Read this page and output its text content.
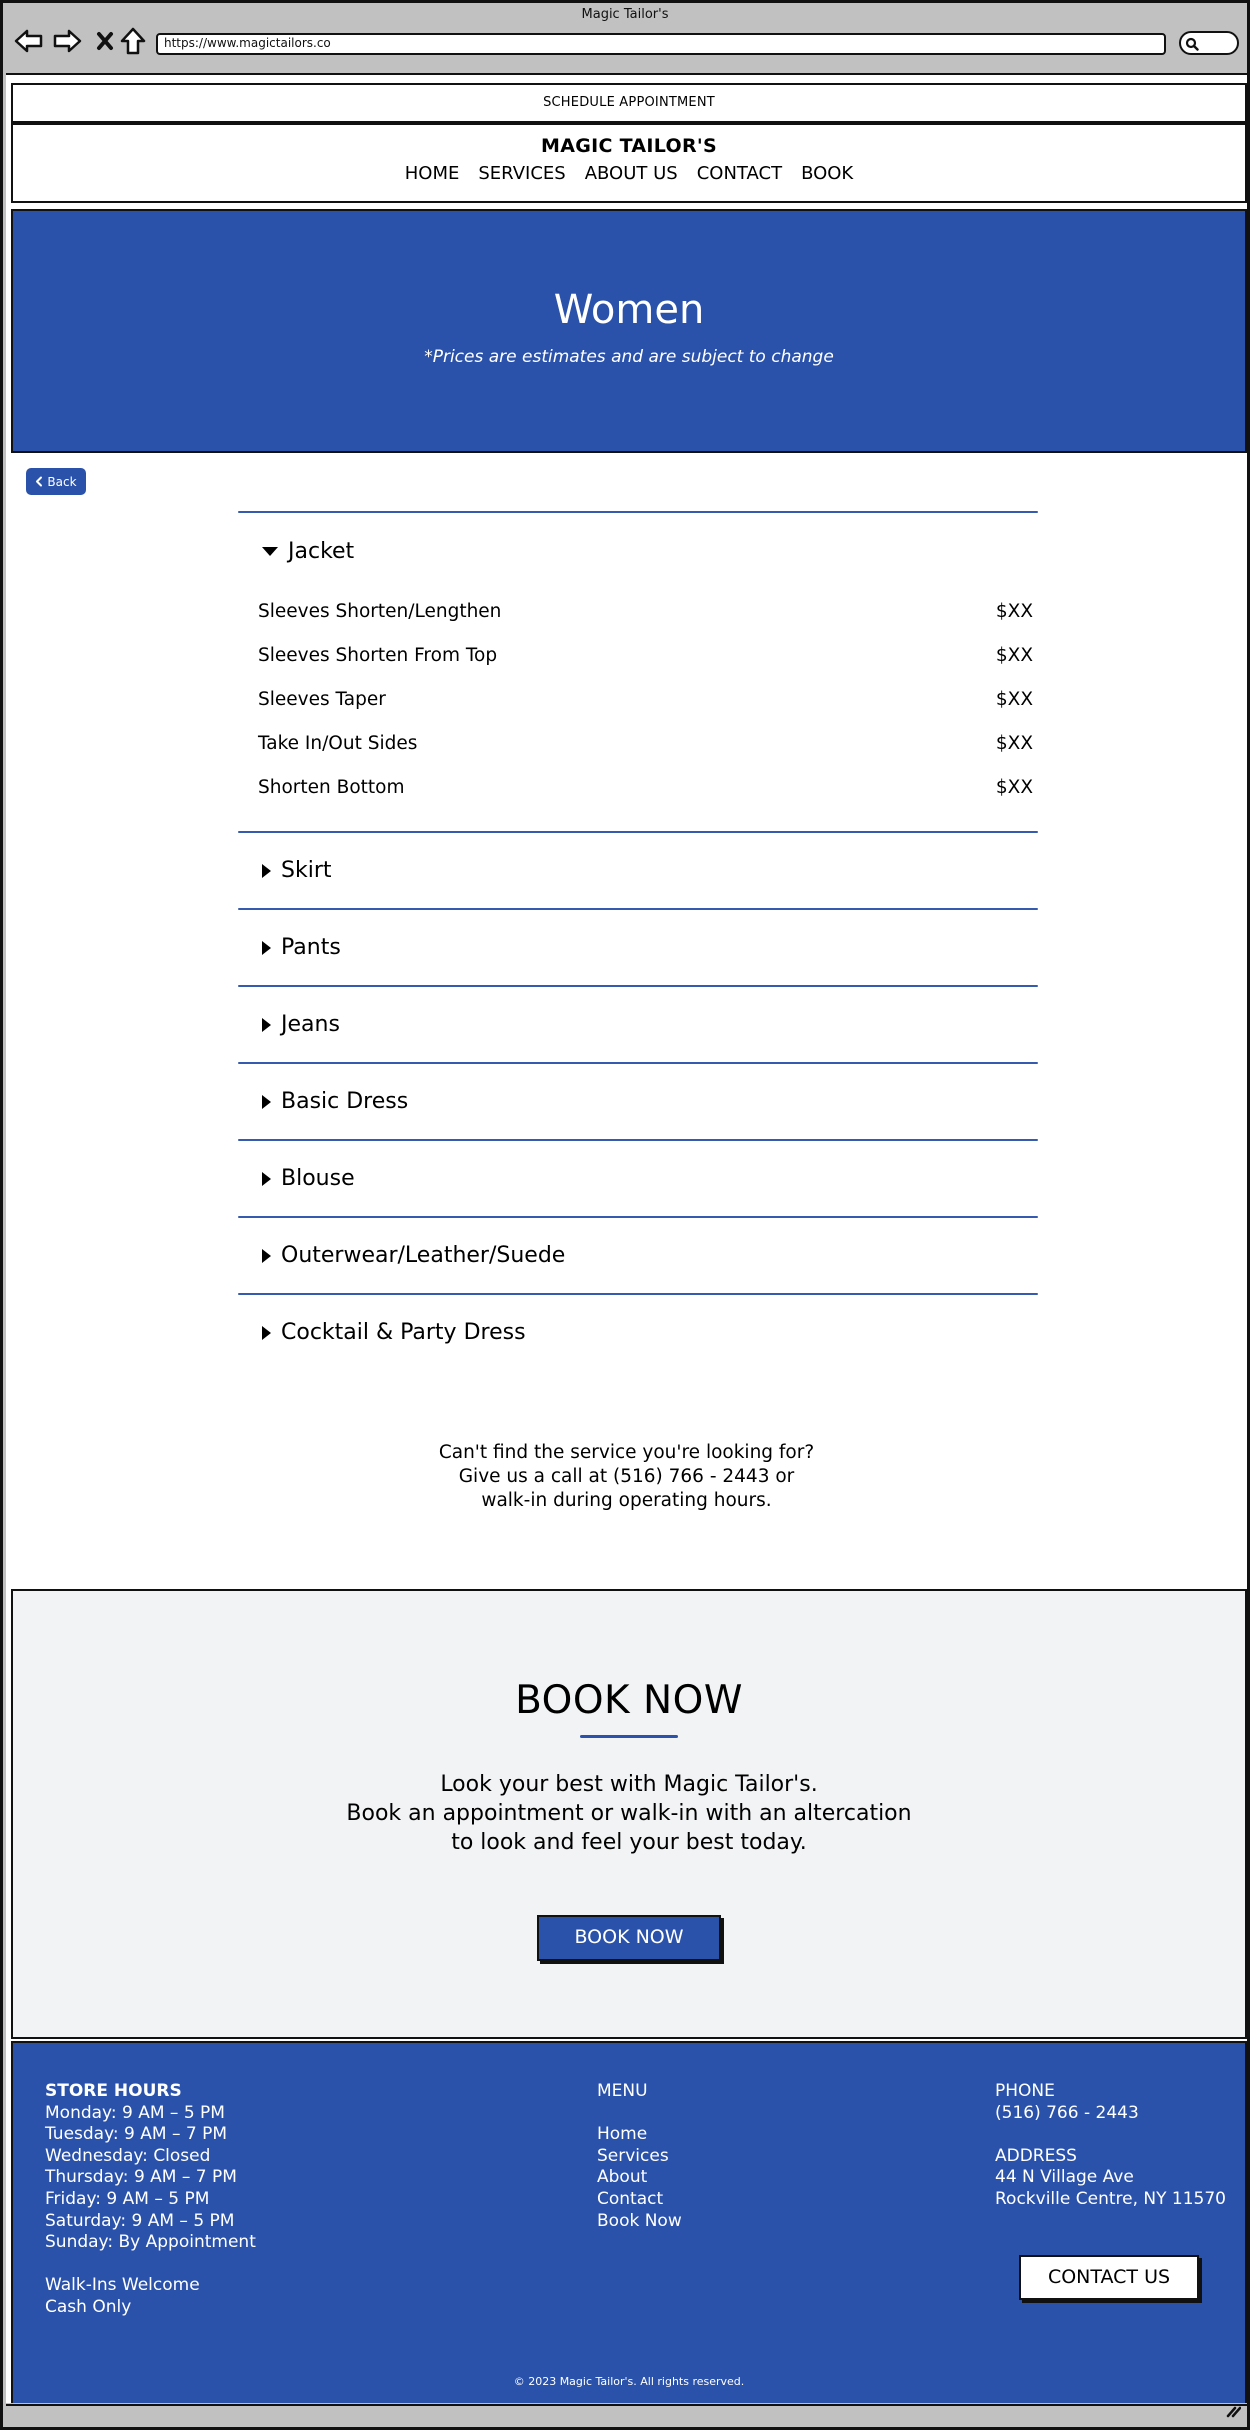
Magic Tailor's
https://www.magictailors.co
SCHEDULE APPOINTMENT
MAGIC TAILOR'S
HOME SERVICES ABOUT US CONTACT BOOK
Women

*Prices are estimates and are subject to change

Back
Jacket
Sleeves Shorten/Lengthen	$XX
Sleeves Shorten From Top	$XX
Sleeves Taper	$XX
Take In/Out Sides	$XX
Shorten Bottom	$XX
Skirt
Pants
Jeans
Basic Dress
Blouse
Outerwear/Leather/Suede
Cocktail & Party Dress
Can't find the service you're looking for?
Give us a call at (516) 766 - 2443 or
walk-in during operating hours.
BOOK NOW
Look your best with Magic Tailor's.
Book an appointment or walk-in with an altercation
to look and feel your best today.
BOOK NOW
STORE HOURS
Monday: 9 AM – 5 PM
Tuesday: 9 AM – 7 PM
Wednesday: Closed
Thursday: 9 AM – 7 PM
Friday: 9 AM – 5 PM
Saturday: 9 AM – 5 PM
Sunday: By Appointment
Walk-Ins Welcome
Cash Only
MENU
Home
Services
About
Contact
Book Now
PHONE
(516) 766 - 2443
ADDRESS
44 N Village Ave
Rockville Centre, NY 11570
CONTACT US
© 2023 Magic Tailor's. All rights reserved.
